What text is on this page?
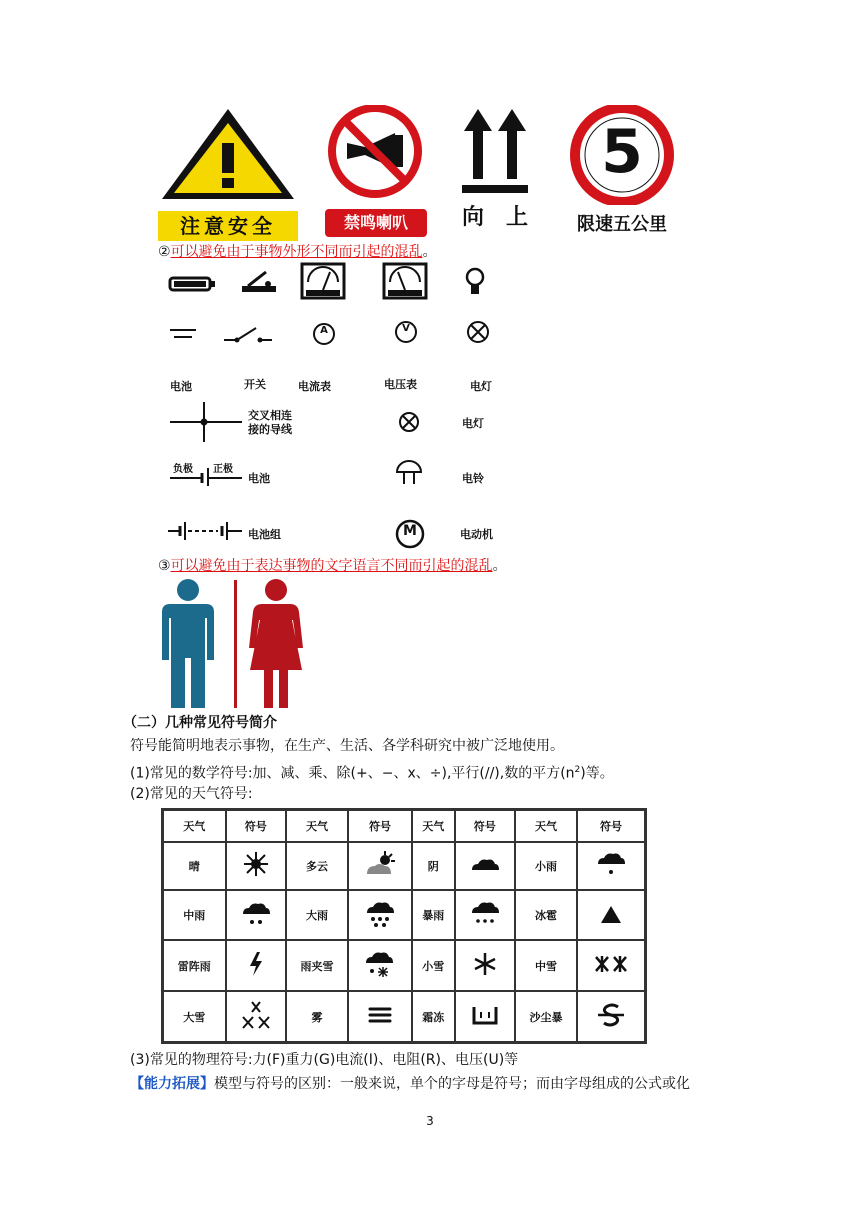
注意安全	禁鸣喇叭	向　上
5
限速五公里
②可以避免由于事物外形不同而引起的混乱。
A	V
电池	开关	电流表	电压表	电灯
交叉相连
接的导线	电灯
负极 正极
电池	电铃
电池组	M	电动机
③可以避免由于表达事物的文字语言不同而引起的混乱。
（二）几种常见符号简介
符号能简明地表示事物，在生产、生活、各学科研究中被广泛地使用。
(1)常见的数学符号:加、减、乘、除(+、−、x、÷),平行(//),数的平方$(n^2)$等。
(2)常见的天气符号:
天气	符号	天气	符号	天气	符号	天气	符号
晴		多云		阴		小雨	
中雨		大雨		暴雨		冰雹	
雷阵雨		雨夹雪		小雪		中雪	
大雪		雾		霜冻		沙尘暴	
(3)常见的物理符号:力(F)重力(G)电流(I)、电阻(R)、电压(U)等
【能力拓展】模型与符号的区别：一般来说，单个的字母是符号；而由字母组成的公式或化
3
